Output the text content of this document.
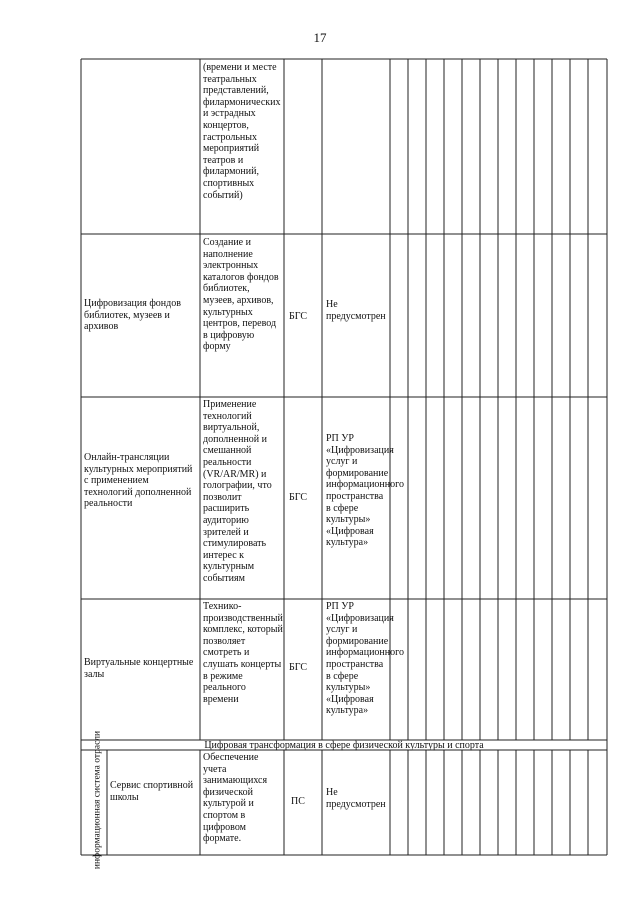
17
(времени и месте театральных представлений, филармонических и эстрадных концертов, гастрольных мероприятий театров и филармоний, спортивных событий)
Цифровизация фондов библиотек, музеев и архивов
Создание и наполнение электронных каталогов фондов библиотек, музеев, архивов, культурных центров, перевод в цифровую форму
БГС
Не предусмотрен
Онлайн-трансляции культурных мероприятий с применением технологий дополненной реальности
Применение технологий виртуальной, дополненной и смешанной реальности (VR/AR/MR) и голографии, что позволит расширить аудиторию зрителей и стимулировать интерес к культурным событиям
БГС
РП УР «Цифровизация услуг и формирование информационного пространства в сфере культуры» «Цифровая культура»
Виртуальные концертные залы
Технико-производственный комплекс, который позволяет смотреть и слушать концерты в режиме реального времени
БГС
РП УР «Цифровизация услуг и формирование информационного пространства в сфере культуры» «Цифровая культура»
Цифровая трансформация в сфере физической культуры и спорта
информационная система отрасли Сервис спортивной школы
Обеспечение учета занимающихся физической культурой и спортом в цифровом формате.
ПС
Не предусмотрен
